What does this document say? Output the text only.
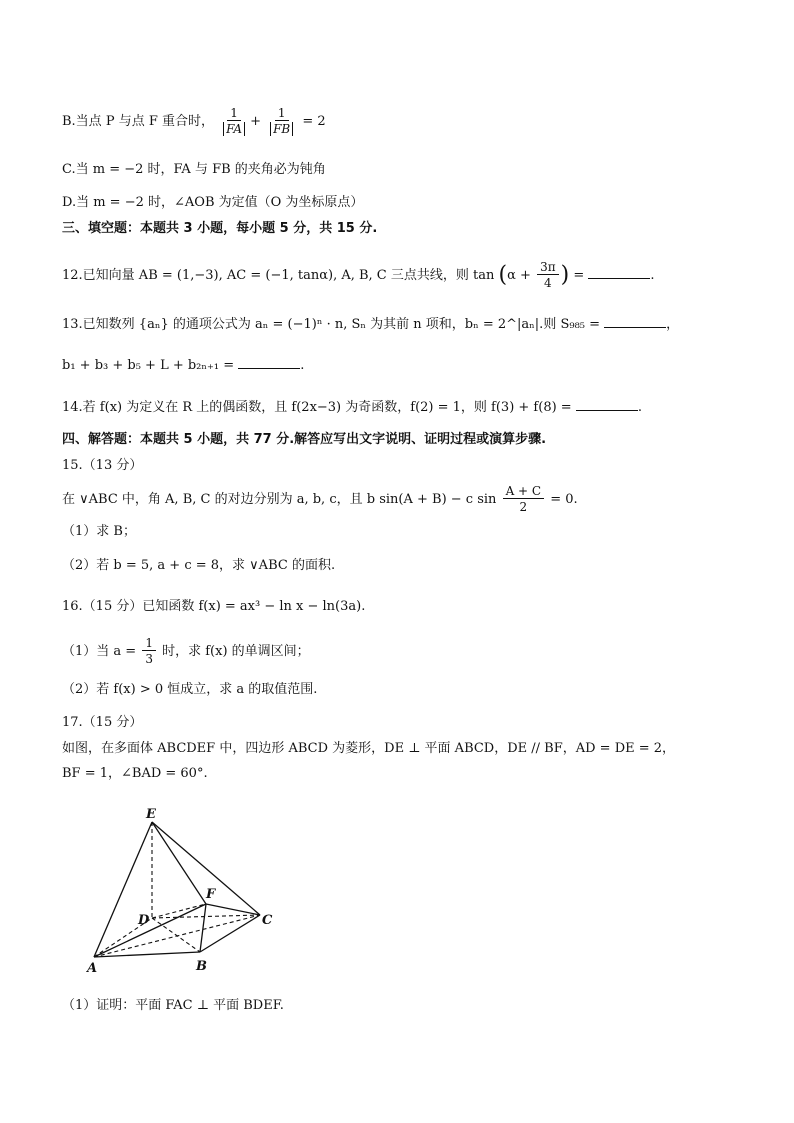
B.当点 P 与点 F 重合时， $\frac{1}{FA} + \frac{1}{FB} = 2$
C.当 m = −2 时，FA 与 FB 的夹角必为钝角
D.当 m = −2 时，∠AOB 为定值（O 为坐标原点）
三、填空题：本题共 3 小题，每小题 5 分，共 15 分.
12.已知向量 AB = (1,−3), AC = (−1, tanα), A, B, C 三点共线，则 $\tan (\alpha + \frac{3\pi}{4}$ ) =	.
13.已知数列 {aₙ} 的通项公式为 aₙ = (−1)ⁿ · n, Sₙ 为其前 n 项和，bₙ = 2^|aₙ|.则 S₉₈₅ =	，
b₁ + b₃ + b₅ + L + b₂ₙ₊₁ =	.
14.若 f(x) 为定义在 R 上的偶函数，且 f(2x−3) 为奇函数，f(2) = 1，则 f(3) + f(8) =	.
四、解答题：本题共 5 小题，共 77 分.解答应写出文字说明、证明过程或演算步骤.
15.（13 分）
在 ∨ABC 中，角 A, B, C 的对边分别为 a, b, c，且 b sin(A + B) − c $\sin \frac{A + C}{2} = 0$.
（1）求 B；
（2）若 b = 5, a + c = 8，求 ∨ABC 的面积.
16.（15 分）已知函数 f(x) = ax³ − ln x − ln(3a).
（1）当 $a = \frac{1}{3}$ 时，求 f(x) 的单调区间；
（2）若 f(x) > 0 恒成立，求 a 的取值范围.
17.（15 分）
如图，在多面体 ABCDEF 中，四边形 ABCD 为菱形，DE ⊥ 平面 ABCD，DE // BF，AD = DE = 2，
BF = 1，∠BAD = 60°.
E
D
F
C
A	B
（1）证明：平面 FAC ⊥ 平面 BDEF.
